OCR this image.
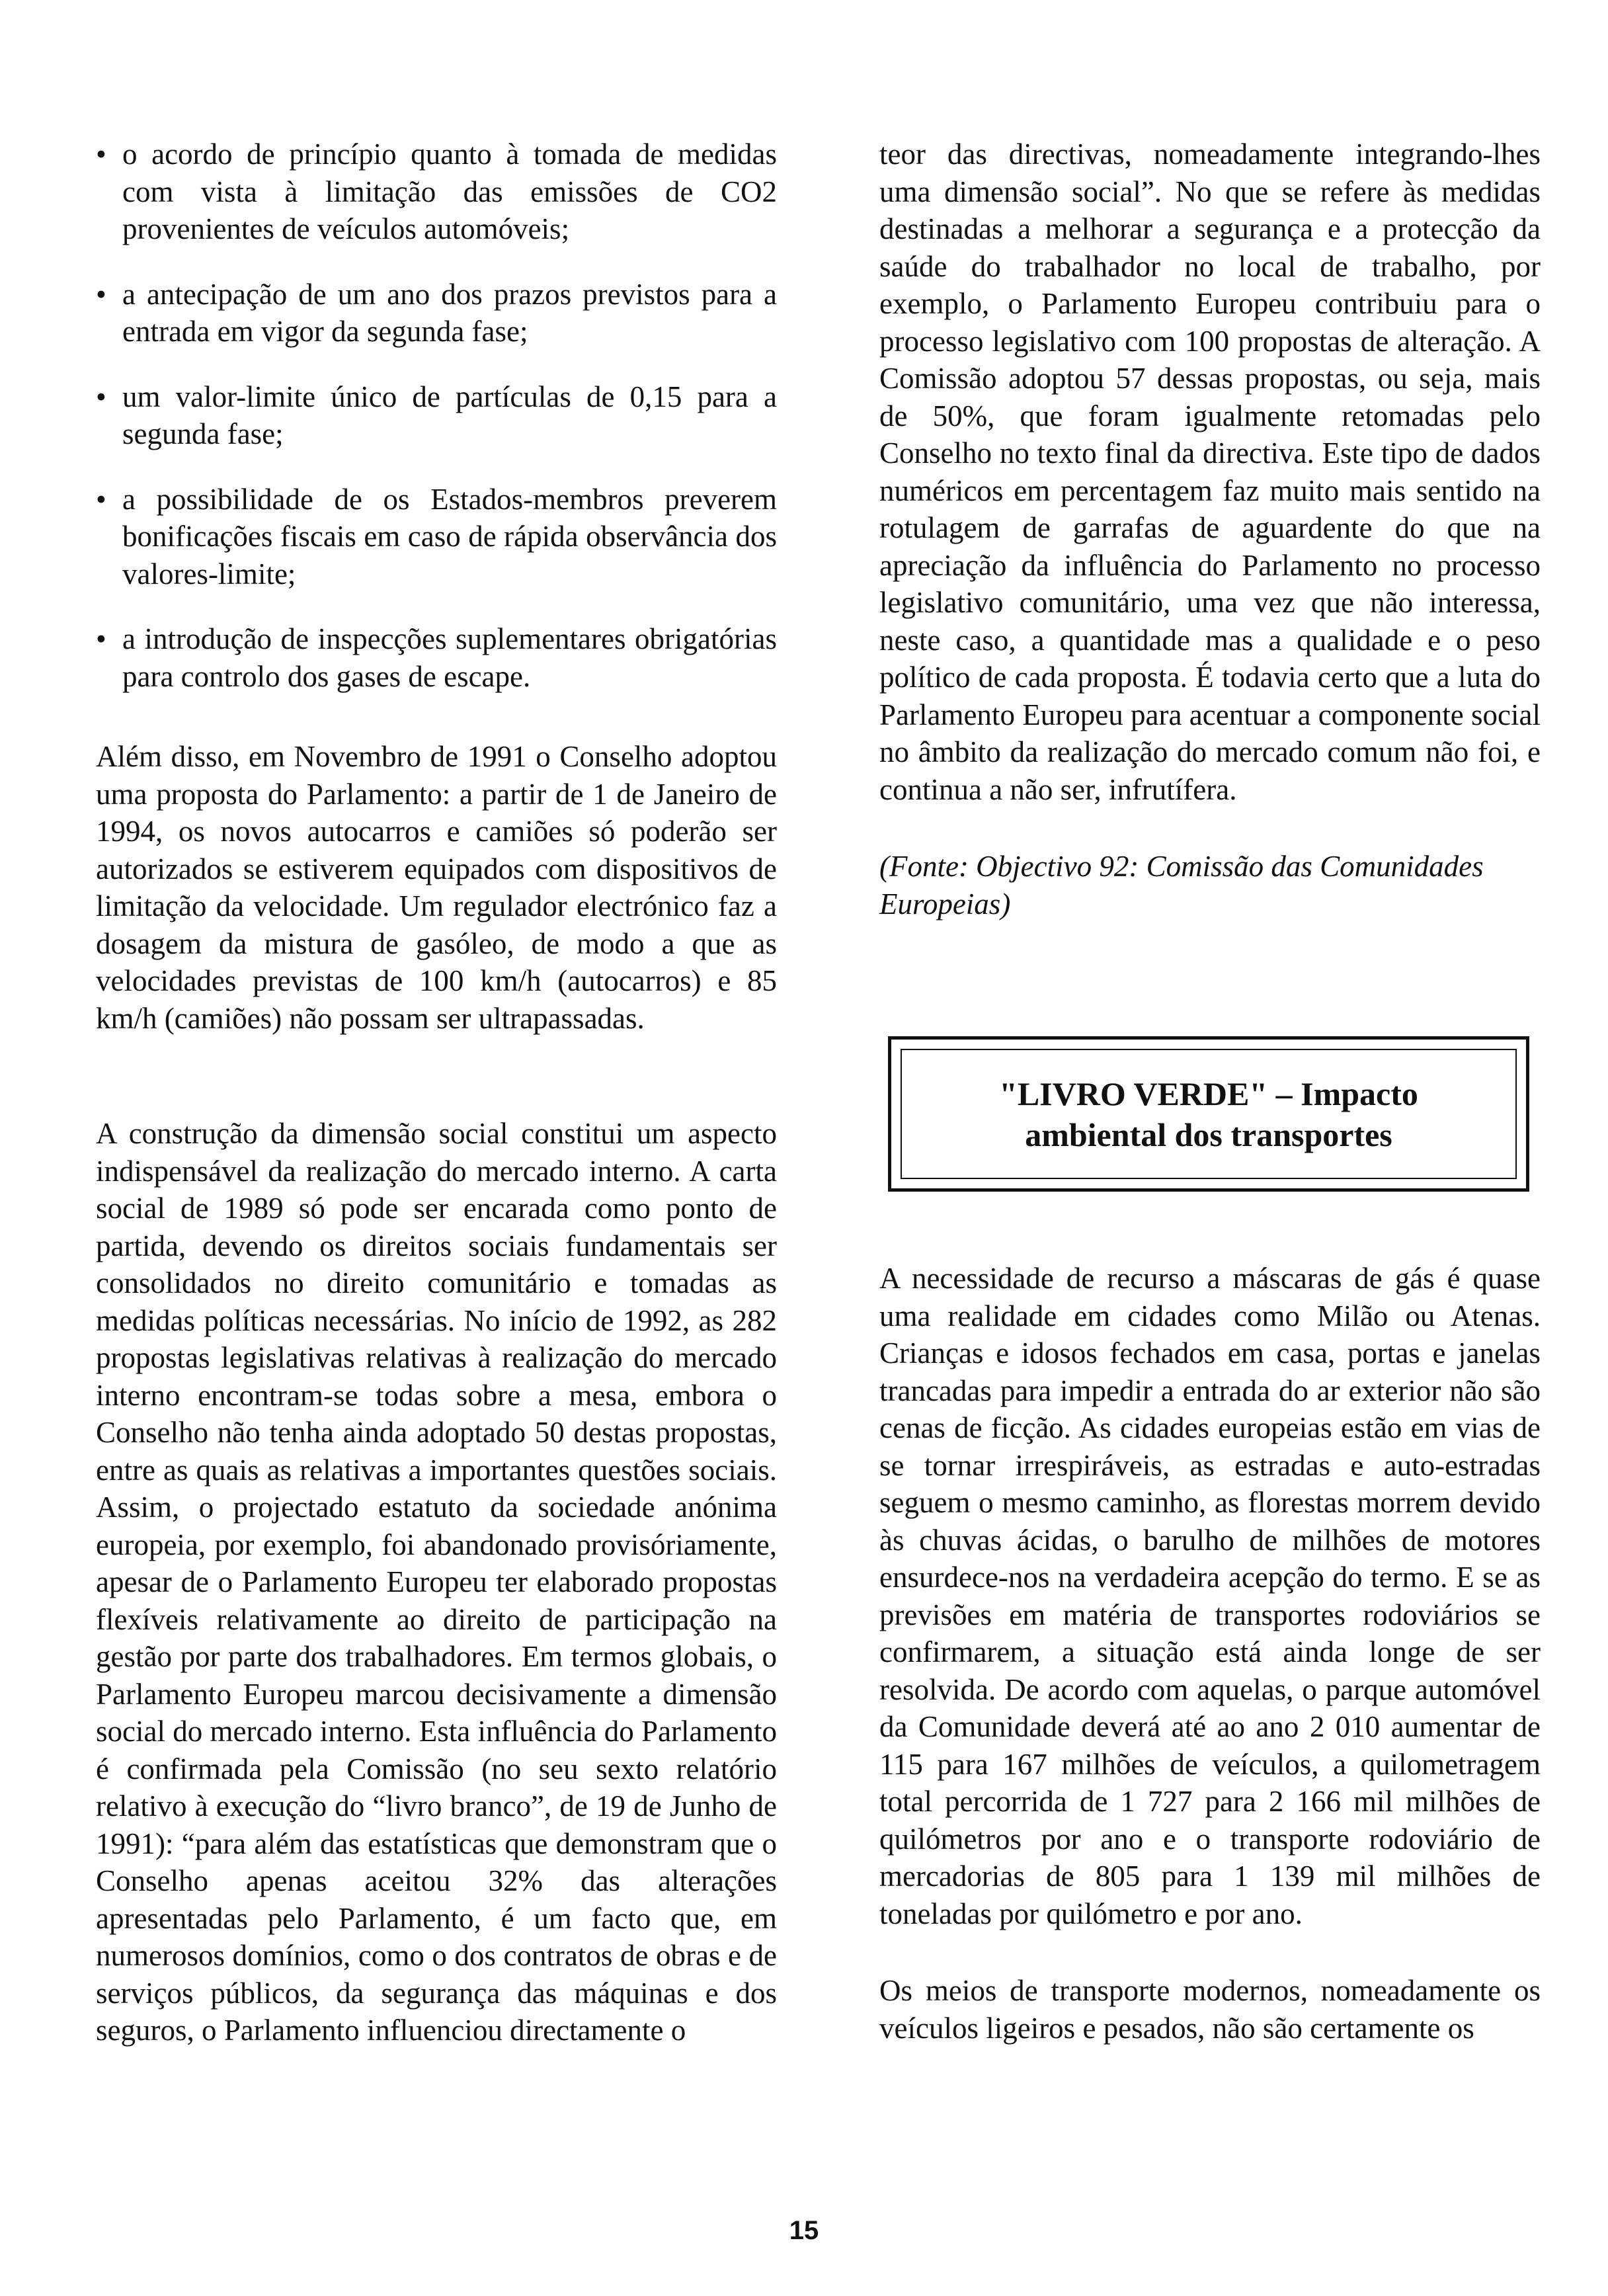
• o acordo de princípio quanto à tomada de medidas com vista à limitação das emissões de CO2 provenientes de veículos automóveis;
• a antecipação de um ano dos prazos previstos para a entrada em vigor da segunda fase;
• um valor-limite único de partículas de 0,15 para a segunda fase;
• a possibilidade de os Estados-membros preverem bonificações fiscais em caso de rápida observância dos valores-limite;
• a introdução de inspecções suplementares obrigatórias para controlo dos gases de escape.

Além disso, em Novembro de 1991 o Conselho adoptou uma proposta do Parlamento: a partir de 1 de Janeiro de 1994, os novos autocarros e camiões só poderão ser autorizados se estiverem equipados com dispositivos de limitação da velocidade. Um regulador electrónico faz a dosagem da mistura de gasóleo, de modo a que as velocidades previstas de 100 km/h (autocarros) e 85 km/h (camiões) não possam ser ultrapassadas.

A construção da dimensão social constitui um aspecto indispensável da realização do mercado interno. A carta social de 1989 só pode ser encarada como ponto de partida, devendo os direitos sociais fundamentais ser consolidados no direito comunitário e tomadas as medidas políticas necessárias. No início de 1992, as 282 propostas legislativas relativas à realização do mercado interno encontram-se todas sobre a mesa, embora o Conselho não tenha ainda adoptado 50 destas propostas, entre as quais as relativas a importantes questões sociais. Assim, o projectado estatuto da sociedade anónima europeia, por exemplo, foi abandonado provisóriamente, apesar de o Parlamento Europeu ter elaborado propostas flexíveis relativamente ao direito de participação na gestão por parte dos trabalhadores. Em termos globais, o Parlamento Europeu marcou decisivamente a dimensão social do mercado interno. Esta influência do Parlamento é confirmada pela Comissão (no seu sexto relatório relativo à execução do “livro branco”, de 19 de Junho de 1991): “para além das estatísticas que demonstram que o Conselho apenas aceitou 32% das alterações apresentadas pelo Parlamento, é um facto que, em numerosos domínios, como o dos contratos de obras e de serviços públicos, da segurança das máquinas e dos seguros, o Parlamento influenciou directamente o

teor das directivas, nomeadamente integrando-lhes uma dimensão social”. No que se refere às medidas destinadas a melhorar a segurança e a protecção da saúde do trabalhador no local de trabalho, por exemplo, o Parlamento Europeu contribuiu para o processo legislativo com 100 propostas de alteração. A Comissão adoptou 57 dessas propostas, ou seja, mais de 50%, que foram igualmente retomadas pelo Conselho no texto final da directiva. Este tipo de dados numéricos em percentagem faz muito mais sentido na rotulagem de garrafas de aguardente do que na apreciação da influência do Parlamento no processo legislativo comunitário, uma vez que não interessa, neste caso, a quantidade mas a qualidade e o peso político de cada proposta. É todavia certo que a luta do Parlamento Europeu para acentuar a componente social no âmbito da realização do mercado comum não foi, e continua a não ser, infrutífera.

(Fonte: Objectivo 92: Comissão das Comunidades Europeias)

"LIVRO VERDE" – Impacto
ambiental dos transportes

A necessidade de recurso a máscaras de gás é quase uma realidade em cidades como Milão ou Atenas. Crianças e idosos fechados em casa, portas e janelas trancadas para impedir a entrada do ar exterior não são cenas de ficção. As cidades europeias estão em vias de se tornar irrespiráveis, as estradas e auto-estradas seguem o mesmo caminho, as florestas morrem devido às chuvas ácidas, o barulho de milhões de motores ensurdece-nos na verdadeira acepção do termo. E se as previsões em matéria de transportes rodoviários se confirmarem, a situação está ainda longe de ser resolvida. De acordo com aquelas, o parque automóvel da Comunidade deverá até ao ano 2 010 aumentar de 115 para 167 milhões de veículos, a quilometragem total percorrida de 1 727 para 2 166 mil milhões de quilómetros por ano e o transporte rodoviário de mercadorias de 805 para 1 139 mil milhões de toneladas por quilómetro e por ano.

Os meios de transporte modernos, nomeadamente os veículos ligeiros e pesados, não são certamente os

15
